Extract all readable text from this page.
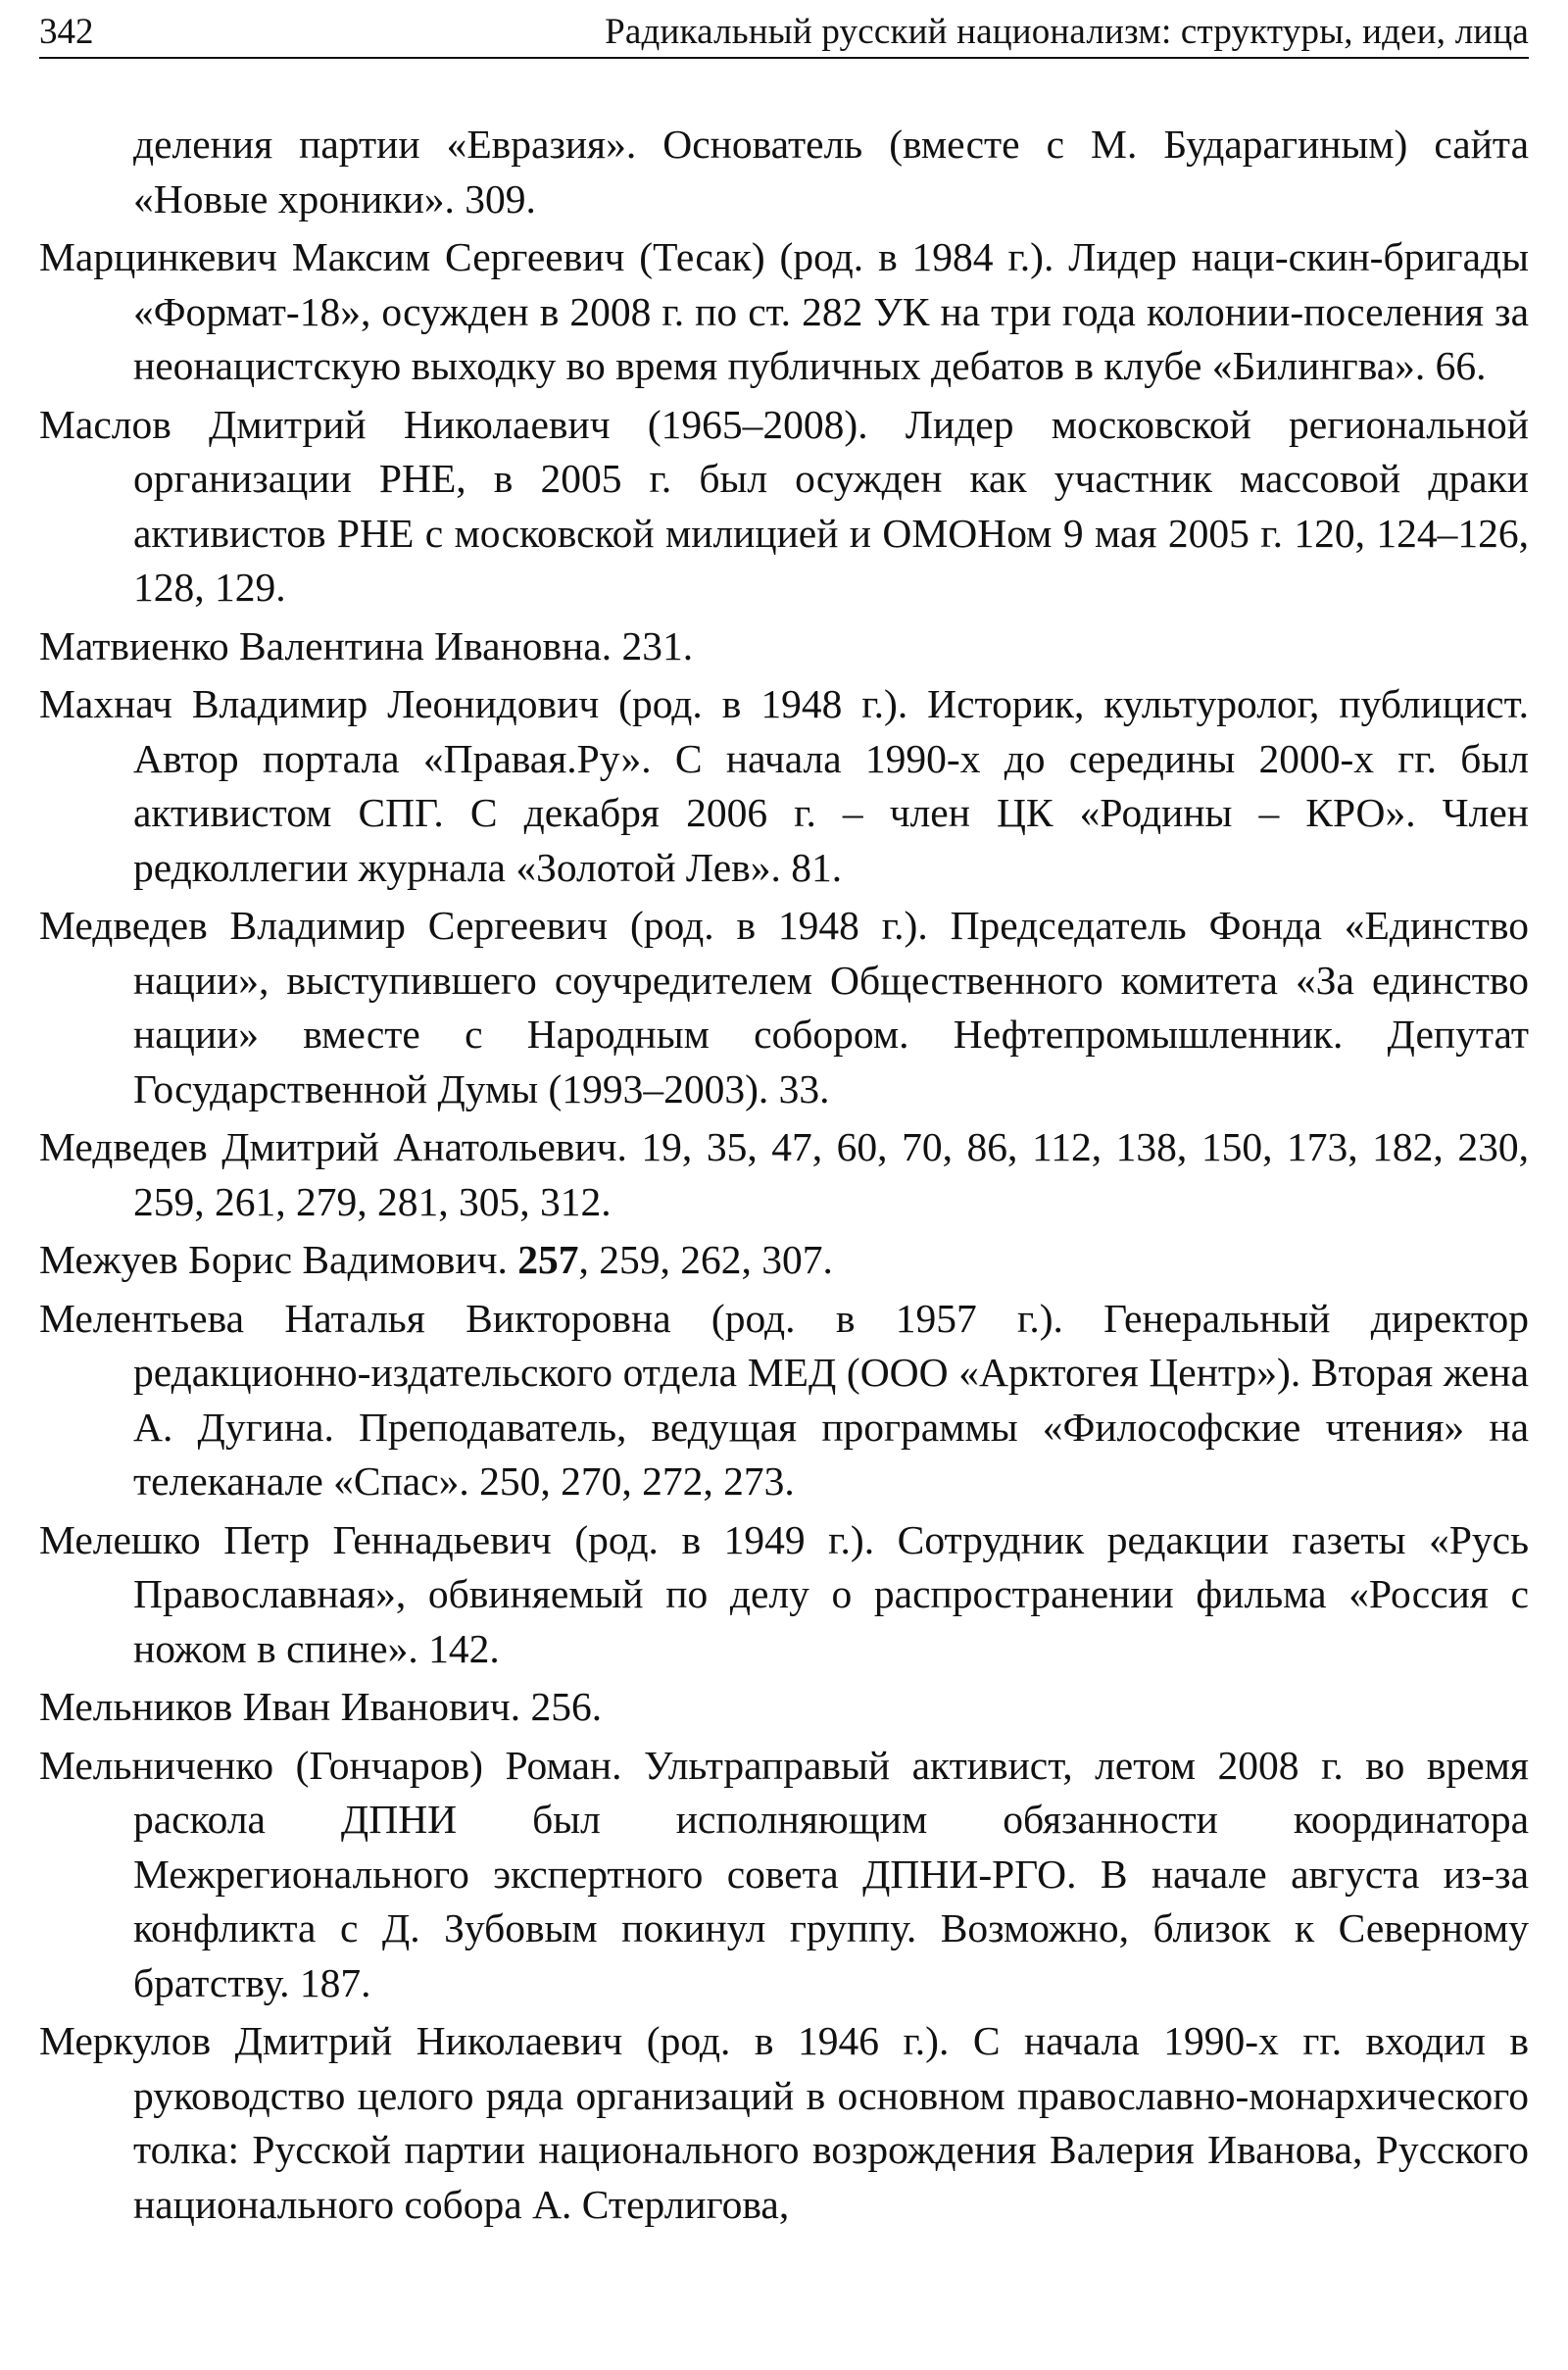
342	Радикальный русский национализм: структуры, идеи, лица

деления партии «Евразия». Основатель (вместе с М. Бударагиным) сайта «Новые хроники». 309.

Марцинкевич Максим Сергеевич (Тесак) (род. в 1984 г.). Лидер наци-скин-бригады «Формат-18», осужден в 2008 г. по ст. 282 УК на три года колонии-поселения за неонацистскую выходку во время публичных дебатов в клубе «Билингва». 66.

Маслов Дмитрий Николаевич (1965–2008). Лидер московской региональной организации РНЕ, в 2005 г. был осужден как участник массовой драки активистов РНЕ с московской милицией и ОМОНом 9 мая 2005 г. 120, 124–126, 128, 129.

Матвиенко Валентина Ивановна. 231.

Махнач Владимир Леонидович (род. в 1948 г.). Историк, культуролог, публицист. Автор портала «Правая.Ру». С начала 1990-х до середины 2000-х гг. был активистом СПГ. С декабря 2006 г. – член ЦК «Родины – КРО». Член редколлегии журнала «Золотой Лев». 81.

Медведев Владимир Сергеевич (род. в 1948 г.). Председатель Фонда «Единство нации», выступившего соучредителем Общественного комитета «За единство нации» вместе с Народным собором. Нефтепромышленник. Депутат Государственной Думы (1993–2003). 33.

Медведев Дмитрий Анатольевич. 19, 35, 47, 60, 70, 86, 112, 138, 150, 173, 182, 230, 259, 261, 279, 281, 305, 312.

Межуев Борис Вадимович. 257, 259, 262, 307.

Мелентьева Наталья Викторовна (род. в 1957 г.). Генеральный директор редакционно-издательского отдела МЕД (ООО «Арктогея Центр»). Вторая жена А. Дугина. Преподаватель, ведущая программы «Философские чтения» на телеканале «Спас». 250, 270, 272, 273.

Мелешко Петр Геннадьевич (род. в 1949 г.). Сотрудник редакции газеты «Русь Православная», обвиняемый по делу о распространении фильма «Россия с ножом в спине». 142.

Мельников Иван Иванович. 256.

Мельниченко (Гончаров) Роман. Ультраправый активист, летом 2008 г. во время раскола ДПНИ был исполняющим обязанности координатора Межрегионального экспертного совета ДПНИ-РГО. В начале августа из-за конфликта с Д. Зубовым покинул группу. Возможно, близок к Северному братству. 187.

Меркулов Дмитрий Николаевич (род. в 1946 г.). С начала 1990-х гг. входил в руководство целого ряда организаций в основном православно-монархического толка: Русской партии национального возрождения Валерия Иванова, Русского национального собора А. Стерлигова,
